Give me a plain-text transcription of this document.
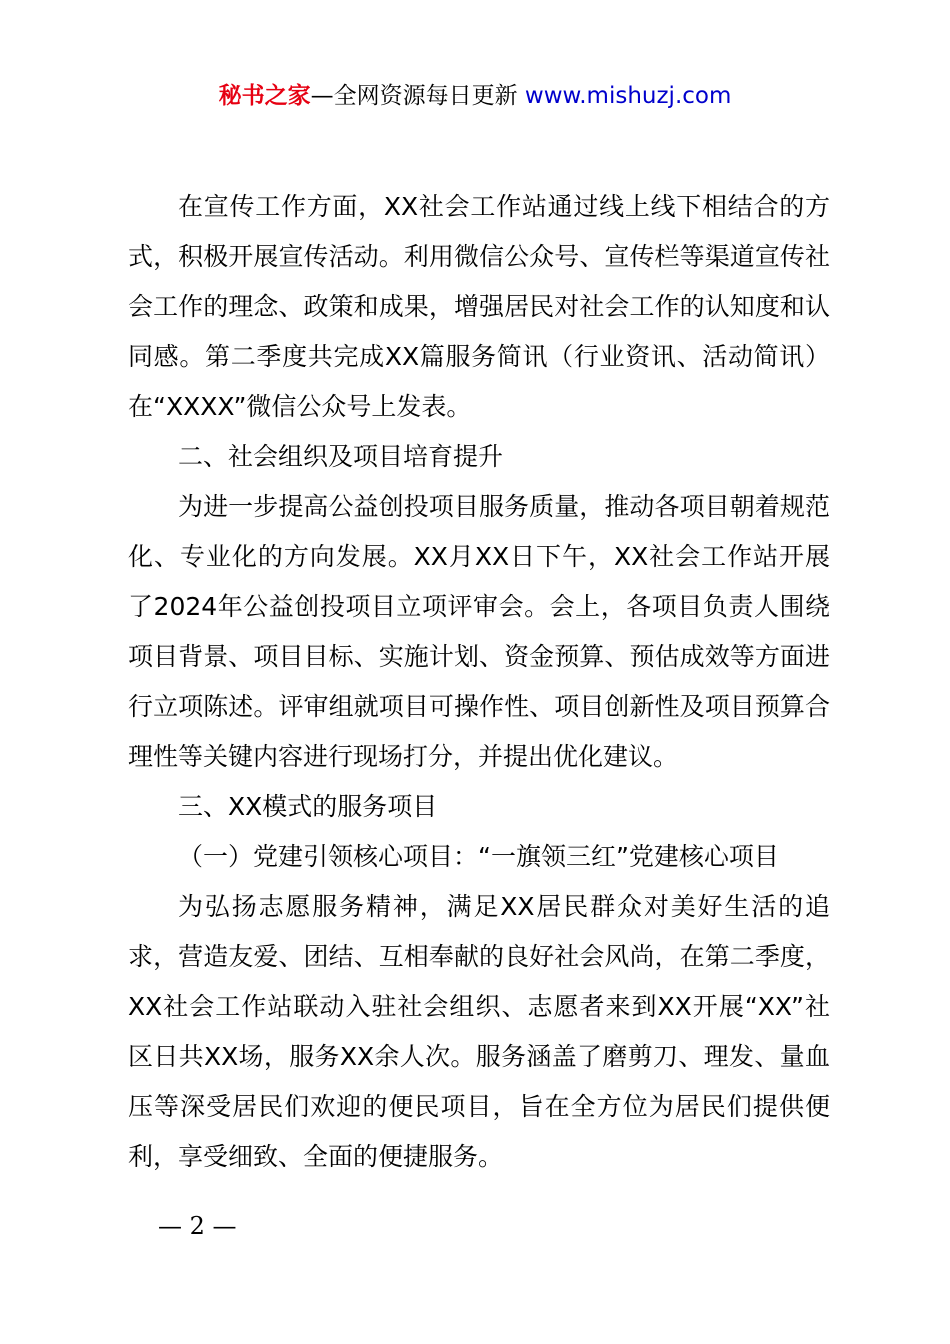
秘书之家—全网资源每日更新 www.mishuzj.com

在宣传工作方面，XX社会工作站通过线上线下相结合的方式，积极开展宣传活动。利用微信公众号、宣传栏等渠道宣传社会工作的理念、政策和成果，增强居民对社会工作的认知度和认同感。第二季度共完成XX篇服务简讯（行业资讯、活动简讯）在“XXXX”微信公众号上发表。

二、社会组织及项目培育提升

为进一步提高公益创投项目服务质量，推动各项目朝着规范化、专业化的方向发展。XX月XX日下午，XX社会工作站开展了2024年公益创投项目立项评审会。会上，各项目负责人围绕项目背景、项目目标、实施计划、资金预算、预估成效等方面进行立项陈述。评审组就项目可操作性、项目创新性及项目预算合理性等关键内容进行现场打分，并提出优化建议。

三、XX模式的服务项目

（一）党建引领核心项目：“一旗领三红”党建核心项目

为弘扬志愿服务精神，满足XX居民群众对美好生活的追求，营造友爱、团结、互相奉献的良好社会风尚，在第二季度，XX社会工作站联动入驻社会组织、志愿者来到XX开展“XX”社区日共XX场，服务XX余人次。服务涵盖了磨剪刀、理发、量血压等深受居民们欢迎的便民项目，旨在全方位为居民们提供便利，享受细致、全面的便捷服务。

— 2 —
